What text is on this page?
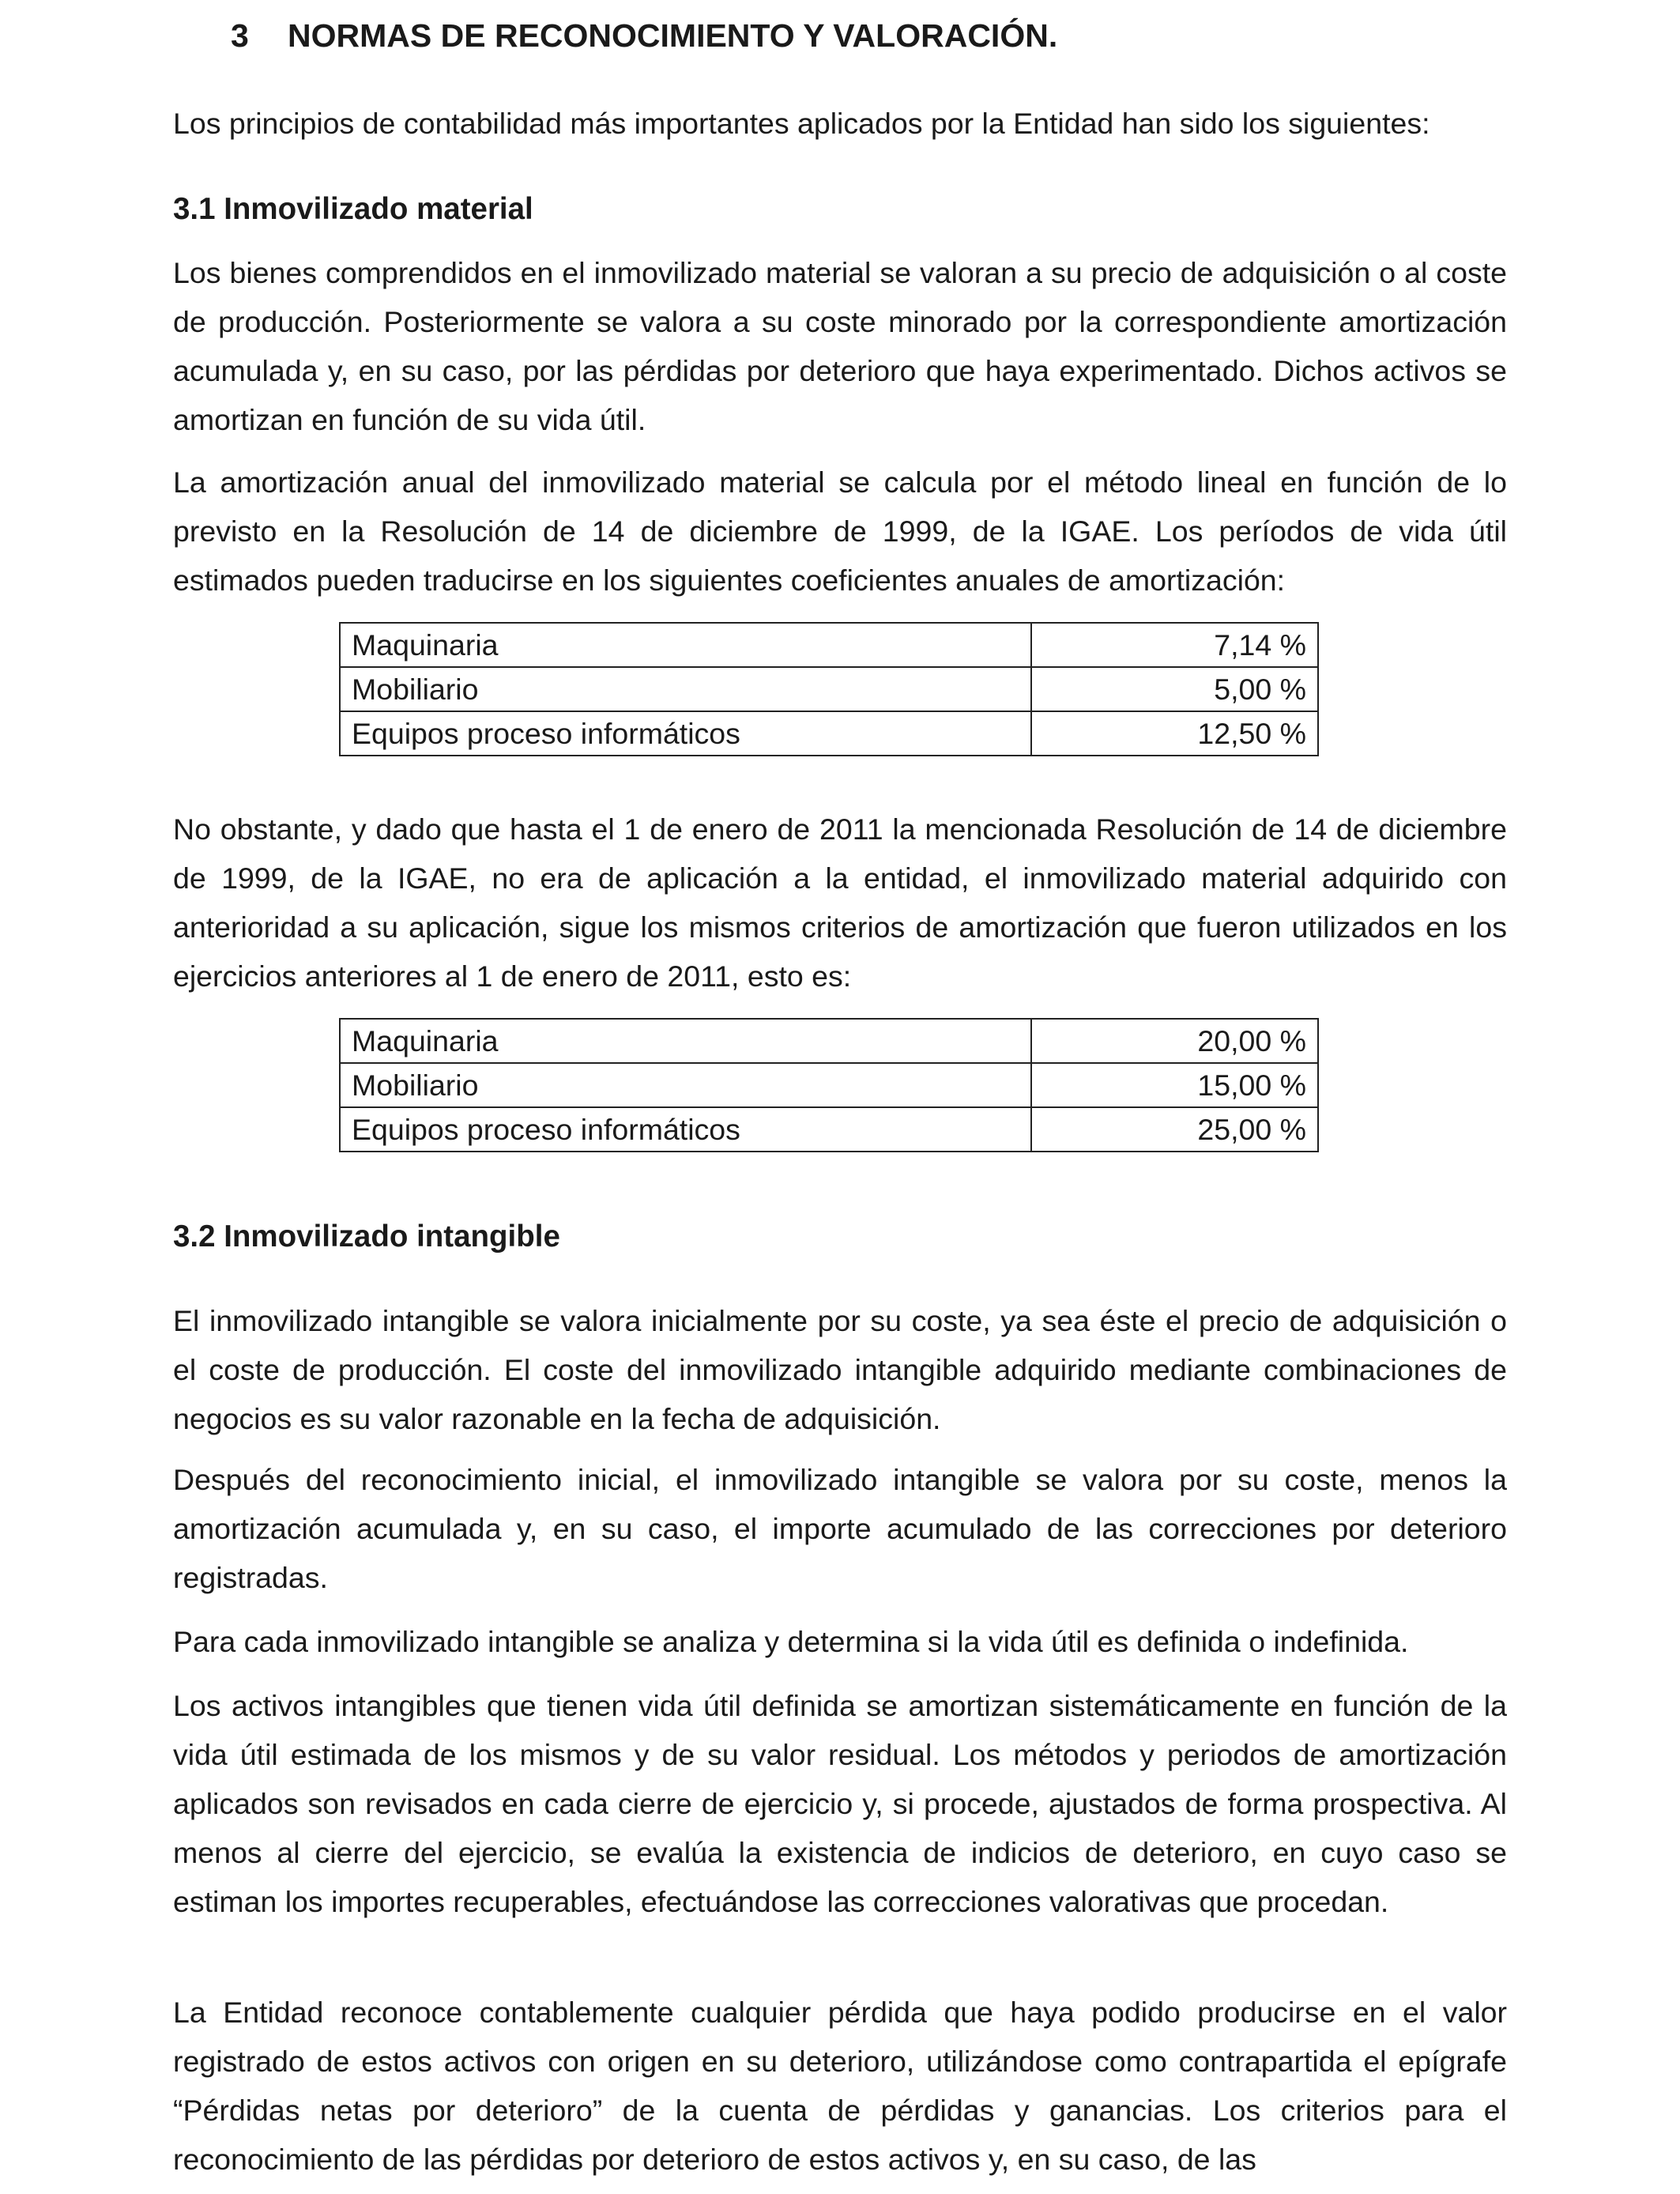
3 NORMAS DE RECONOCIMIENTO Y VALORACIÓN.

Los principios de contabilidad más importantes aplicados por la Entidad han sido los siguientes:

3.1 Inmovilizado material

Los bienes comprendidos en el inmovilizado material se valoran a su precio de adquisición o al coste de producción. Posteriormente se valora a su coste minorado por la correspondiente amortización acumulada y, en su caso, por las pérdidas por deterioro que haya experimentado. Dichos activos se amortizan en función de su vida útil.

La amortización anual del inmovilizado material se calcula por el método lineal en función de lo previsto en la Resolución de 14 de diciembre de 1999, de la IGAE. Los períodos de vida útil estimados pueden traducirse en los siguientes coeficientes anuales de amortización:

Maquinaria	7,14 %
Mobiliario	5,00 %
Equipos proceso informáticos	12,50 %

No obstante, y dado que hasta el 1 de enero de 2011 la mencionada Resolución de 14 de diciembre de 1999, de la IGAE, no era de aplicación a la entidad, el inmovilizado material adquirido con anterioridad a su aplicación, sigue los mismos criterios de amortización que fueron utilizados en los ejercicios anteriores al 1 de enero de 2011, esto es:

Maquinaria	20,00 %
Mobiliario	15,00 %
Equipos proceso informáticos	25,00 %
3.2 Inmovilizado intangible

El inmovilizado intangible se valora inicialmente por su coste, ya sea éste el precio de adquisición o el coste de producción. El coste del inmovilizado intangible adquirido mediante combinaciones de negocios es su valor razonable en la fecha de adquisición.

Después del reconocimiento inicial, el inmovilizado intangible se valora por su coste, menos la amortización acumulada y, en su caso, el importe acumulado de las correcciones por deterioro registradas.

Para cada inmovilizado intangible se analiza y determina si la vida útil es definida o indefinida.

Los activos intangibles que tienen vida útil definida se amortizan sistemáticamente en función de la vida útil estimada de los mismos y de su valor residual. Los métodos y periodos de amortización aplicados son revisados en cada cierre de ejercicio y, si procede, ajustados de forma prospectiva. Al menos al cierre del ejercicio, se evalúa la existencia de indicios de deterioro, en cuyo caso se estiman los importes recuperables, efectuándose las correcciones valorativas que procedan.

La Entidad reconoce contablemente cualquier pérdida que haya podido producirse en el valor registrado de estos activos con origen en su deterioro, utilizándose como contrapartida el epígrafe “Pérdidas netas por deterioro” de la cuenta de pérdidas y ganancias. Los criterios para el reconocimiento de las pérdidas por deterioro de estos activos y, en su caso, de las
